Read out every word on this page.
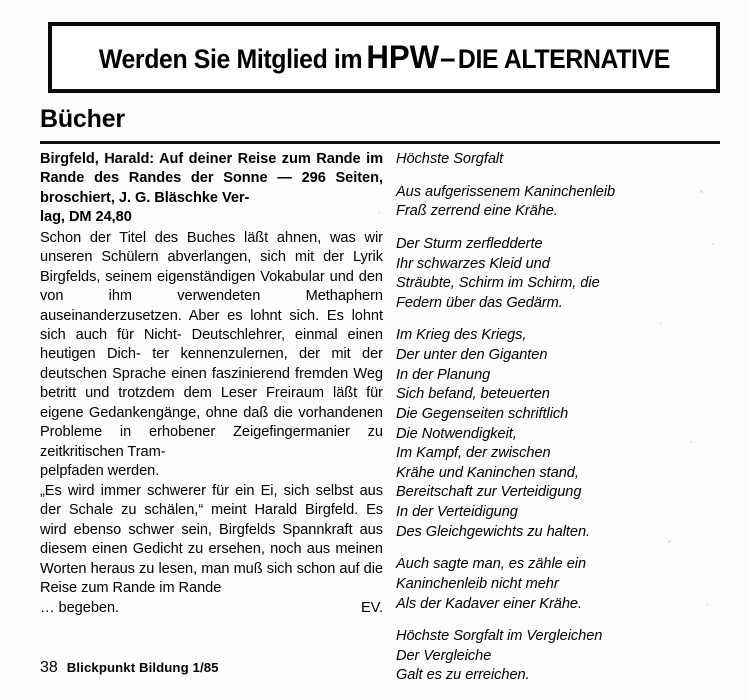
Werden Sie Mitglied im HPW– DIE ALTERNATIVE
Bücher

Birgfeld, Harald: Auf deiner Reise zum Rande im Rande des Randes der Sonne — 296 Seiten, broschiert, J. G. Bläschke Ver-
lag, DM 24,80

Schon der Titel des Buches läßt ahnen, was wir unseren Schülern abverlangen, sich mit der Lyrik Birgfelds, seinem eigenständigen Vokabular und den von ihm verwendeten	Methaphern auseinanderzusetzen. Aber es lohnt sich. Es lohnt sich auch für Nicht- Deutschlehrer, einmal einen heutigen Dich- ter kennenzulernen, der mit der deutschen Sprache einen faszinierend fremden Weg betritt und trotzdem dem Leser Freiraum läßt für eigene Gedankengänge, ohne daß die vorhandenen Probleme in erhobener Zeigefingermanier zu zeitkritischen Tram-
pelpfaden werden.

„Es wird immer schwerer für ein Ei, sich selbst aus der Schale zu schälen,“ meint Harald Birgfeld. Es wird ebenso schwer sein, Birgfelds Spannkraft aus diesem einen Gedicht zu ersehen, noch aus meinen Worten heraus zu lesen, man muß sich schon auf die Reise zum Rande im Rande
… begeben.	EV.

Höchste Sorgfalt

Aus aufgerissenem Kaninchenleib
Fraß zerrend eine Krähe.

Der Sturm zerfledderte
Ihr schwarzes Kleid und
Sträubte, Schirm im Schirm, die
Federn über das Gedärm.

Im Krieg des Kriegs,
Der unter den Giganten
In der Planung
Sich befand, beteuerten
Die Gegenseiten schriftlich
Die Notwendigkeit,
Im Kampf, der zwischen
Krähe und Kaninchen stand,
Bereitschaft zur Verteidigung
In der Verteidigung
Des Gleichgewichts zu halten.

Auch sagte man, es zähle ein
Kaninchenleib nicht mehr
Als der Kadaver einer Krähe.

Höchste Sorgfalt im Vergleichen
Der Vergleiche
Galt es zu erreichen.

38 Blickpunkt Bildung 1/85
